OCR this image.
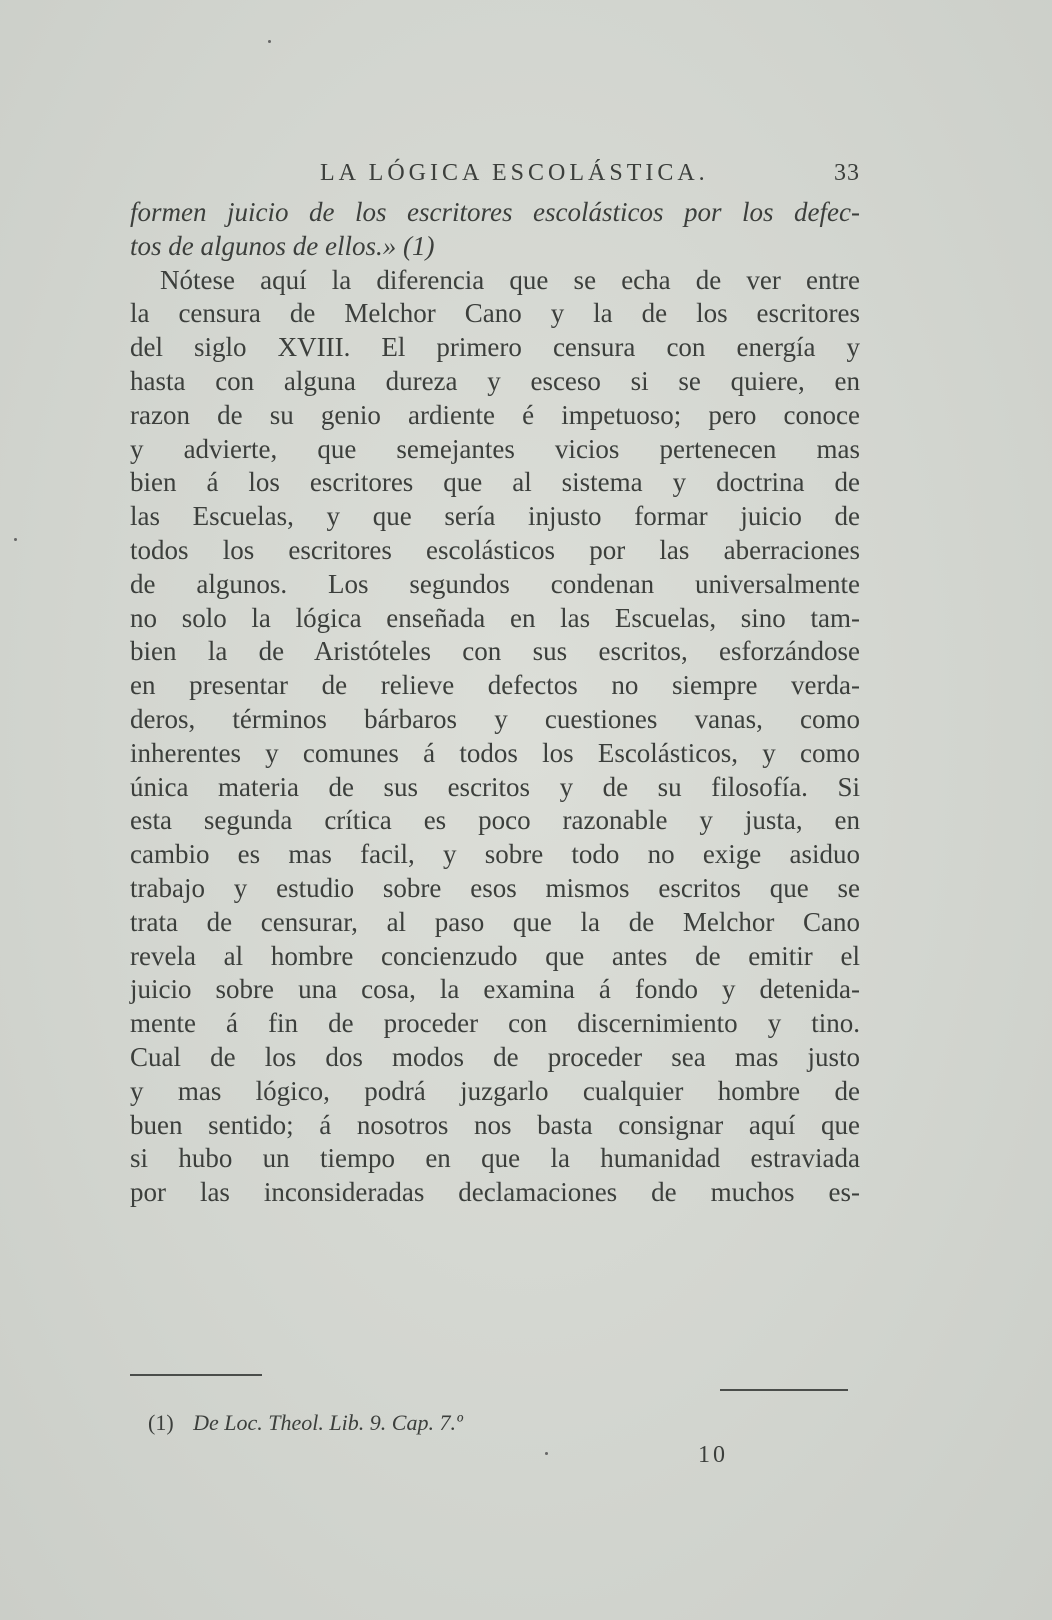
LA LÓGICA ESCOLÁSTICA.	33
formen juicio de los escritores escolásticos por los defec-
tos de algunos de ellos.» (1)
Nótese aquí la diferencia que se echa de ver entre
la censura de Melchor Cano y la de los escritores
del siglo XVIII. El primero censura con energía y
hasta con alguna dureza y esceso si se quiere, en
razon de su genio ardiente é impetuoso; pero conoce
y advierte, que semejantes vicios pertenecen mas
bien á los escritores que al sistema y doctrina de
las Escuelas, y que sería injusto formar juicio de
todos los escritores escolásticos por las aberraciones
de algunos. Los segundos condenan universalmente
no solo la lógica enseñada en las Escuelas, sino tam-
bien la de Aristóteles con sus escritos, esforzándose
en presentar de relieve defectos no siempre verda-
deros, términos bárbaros y cuestiones vanas, como
inherentes y comunes á todos los Escolásticos, y como
única materia de sus escritos y de su filosofía. Si
esta segunda crítica es poco razonable y justa, en
cambio es mas facil, y sobre todo no exige asiduo
trabajo y estudio sobre esos mismos escritos que se
trata de censurar, al paso que la de Melchor Cano
revela al hombre concienzudo que antes de emitir el
juicio sobre una cosa, la examina á fondo y detenida-
mente á fin de proceder con discernimiento y tino.
Cual de los dos modos de proceder sea mas justo
y mas lógico, podrá juzgarlo cualquier hombre de
buen sentido; á nosotros nos basta consignar aquí que
si hubo un tiempo en que la humanidad estraviada
por las inconsideradas declamaciones de muchos es-
(1) De Loc. Theol. Lib. 9. Cap. 7.º
10
